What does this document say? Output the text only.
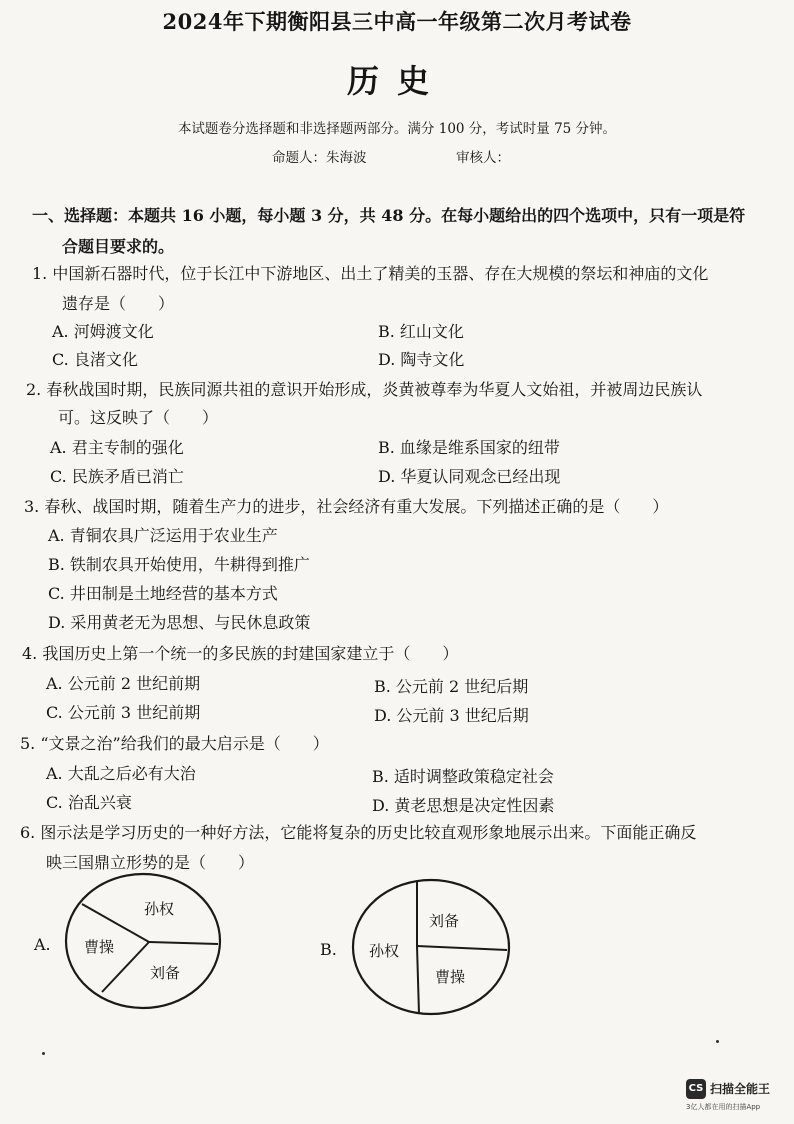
2024年下期衡阳县三中高一年级第二次月考试卷
历史
本试题卷分选择题和非选择题两部分。满分 100 分，考试时量 75 分钟。
命题人：朱海波	审核人：
一、选择题：本题共 16 小题，每小题 3 分，共 48 分。在每小题给出的四个选项中，只有一项是符
合题目要求的。
1. 中国新石器时代，位于长江中下游地区、出土了精美的玉器、存在大规模的祭坛和神庙的文化
遗存是（　　）
A. 河姆渡文化	B. 红山文化
C. 良渚文化	D. 陶寺文化
2. 春秋战国时期，民族同源共祖的意识开始形成，炎黄被尊奉为华夏人文始祖，并被周边民族认
可。这反映了（　　）
A. 君主专制的强化	B. 血缘是维系国家的纽带
C. 民族矛盾已消亡	D. 华夏认同观念已经出现
3. 春秋、战国时期，随着生产力的进步，社会经济有重大发展。下列描述正确的是（　　）
A. 青铜农具广泛运用于农业生产
B. 铁制农具开始使用，牛耕得到推广
C. 井田制是土地经营的基本方式
D. 采用黄老无为思想、与民休息政策
4. 我国历史上第一个统一的多民族的封建国家建立于（　　）
A. 公元前 2 世纪前期	B. 公元前 2 世纪后期
C. 公元前 3 世纪前期	D. 公元前 3 世纪后期
5. “文景之治”给我们的最大启示是（　　）
A. 大乱之后必有大治	B. 适时调整政策稳定社会
C. 治乱兴衰	D. 黄老思想是决定性因素
6. 图示法是学习历史的一种好方法，它能将复杂的历史比较直观形象地展示出来。下面能正确反
映三国鼎立形势的是（　　）
A.
孙权
曹操
刘备
B.
刘备
孙权
曹操
CS 扫描全能王
3亿人都在用的扫描App
